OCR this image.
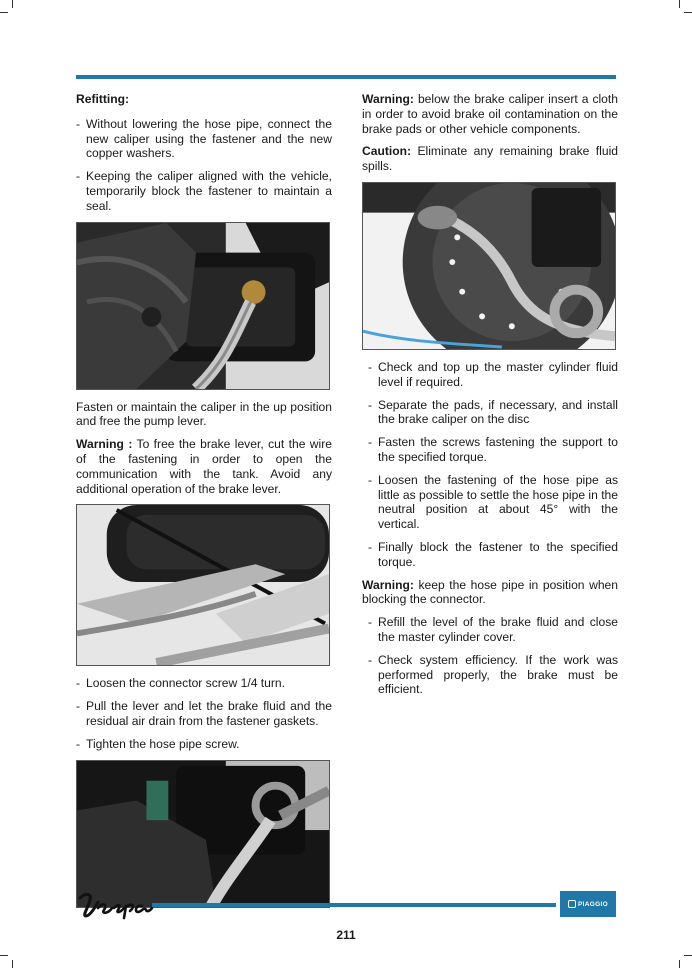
Refitting:

- Without lowering the hose pipe, connect the new caliper using the fastener and the new copper washers.
- Keeping the caliper aligned with the vehicle, temporarily block the fastener to maintain a seal.

Fasten or maintain the caliper in the up position and free the pump lever.

Warning : To free the brake lever, cut the wire of the fastening in order to open the communication with the tank. Avoid any additional operation of the brake lever.

- Loosen the connector screw 1/4 turn.
- Pull the lever and let the brake fluid and the residual air drain from the fastener gaskets.
- Tighten the hose pipe screw.

Warning: below the brake caliper insert a cloth in order to avoid brake oil contamination on the brake pads or other vehicle components.

Caution: Eliminate any remaining brake fluid spills.

- Check and top up the master cylinder fluid level if required.
- Separate the pads, if necessary, and install the brake caliper on the disc
- Fasten the screws fastening the support to the specified torque.
- Loosen the fastening of the hose pipe as little as possible to settle the hose pipe in the neutral position at about 45° with the vertical.
- Finally block the fastener to the specified torque.

Warning: keep the hose pipe in position when blocking the connector.

- Refill the level of the brake fluid and close the master cylinder cover.
- Check system efficiency. If the work was performed properly, the brake must be efficient.
PIAGGIO
211
